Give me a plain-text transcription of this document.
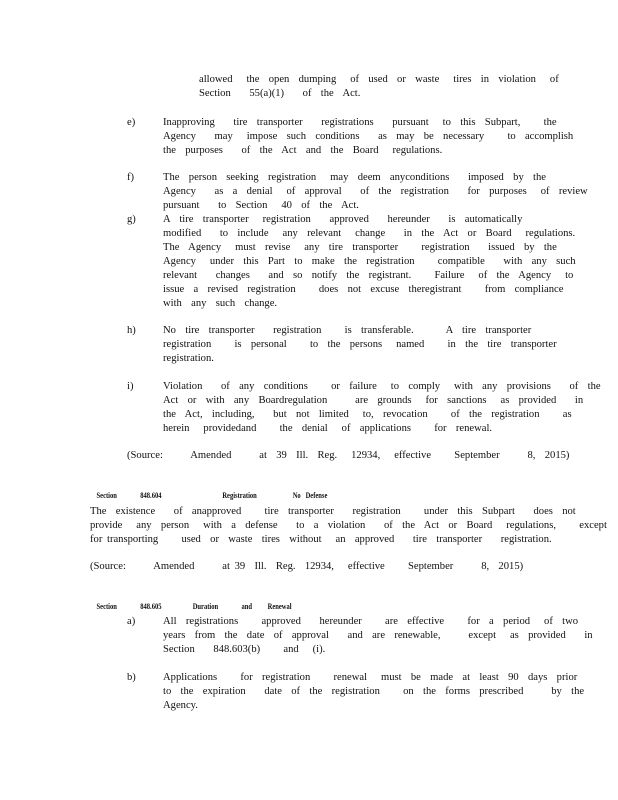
allowed   the  open  dumping   of  used  or  waste   tires  in  violation   of
Section    55(a)(1)    of  the  Act.
e)	Inapproving    tire  transporter    registrations    pursuant   to  this  Subpart,     the
Agency    may   impose  such  conditions    as  may  be  necessary     to  accomplish
the  purposes    of  the  Act  and  the  Board   regulations.
f)	The  person  seeking  registration   may  deem  anyconditions    imposed  by  the
Agency    as  a  denial   of  approval    of  the  registration    for  purposes   of  review
pursuant    to  Section   40  of  the  Act.
g)	A  tire  transporter   registration    approved    hereunder    is  automatically
modified    to  include   any  relevant   change    in  the  Act  or  Board   regulations.
The  Agency   must  revise   any  tire  transporter     registration    issued  by  the
Agency   under  this  Part  to  make  the  registration     compatible    with  any  such
relevant    changes    and  so  notify  the  registrant.     Failure   of  the  Agency   to
issue  a  revised  registration     does  not  excuse  theregistrant     from  compliance
with  any  such  change.
h)	No  tire  transporter    registration     is  transferable.       A  tire  transporter
registration     is  personal     to  the  persons   named     in  the  tire  transporter
registration.
i)	Violation    of  any  conditions     or  failure   to  comply   with  any  provisions    of  the
Act  or  with  any  Boardregulation      are  grounds   for  sanctions   as  provided    in
the  Act,  including,    but  not  limited   to,  revocation     of  the  registration     as
herein   providedand     the  denial   of  applications     for  renewal.
(Source:      Amended      at  39  Ill.  Reg.   12934,   effective     September      8,  2015)

Section	848.604	Registration	No   Defense

The  existence    of  anapproved     tire  transporter    registration     under  this  Subpart    does  not
provide   any  person   with  a  defense    to  a  violation    of  the  Act  or  Board   regulations,     except
for transporting     used  or  waste  tires  without   an  approved    tire  transporter    registration.
(Source:      Amended      at 39  Ill.  Reg.  12934,   effective     September      8,  2015)

Section	848.605	Duration	and Renewal

a)	All  registrations     approved    hereunder     are  effective     for  a  period   of  two
years  from  the  date  of  approval    and  are  renewable,      except   as  provided    in
Section    848.603(b)     and   (i).
b)	Applications     for  registration     renewal   must  be  made  at  least  90  days  prior
to  the  expiration    date  of  the  registration     on  the  forms  prescribed      by  the
Agency.
